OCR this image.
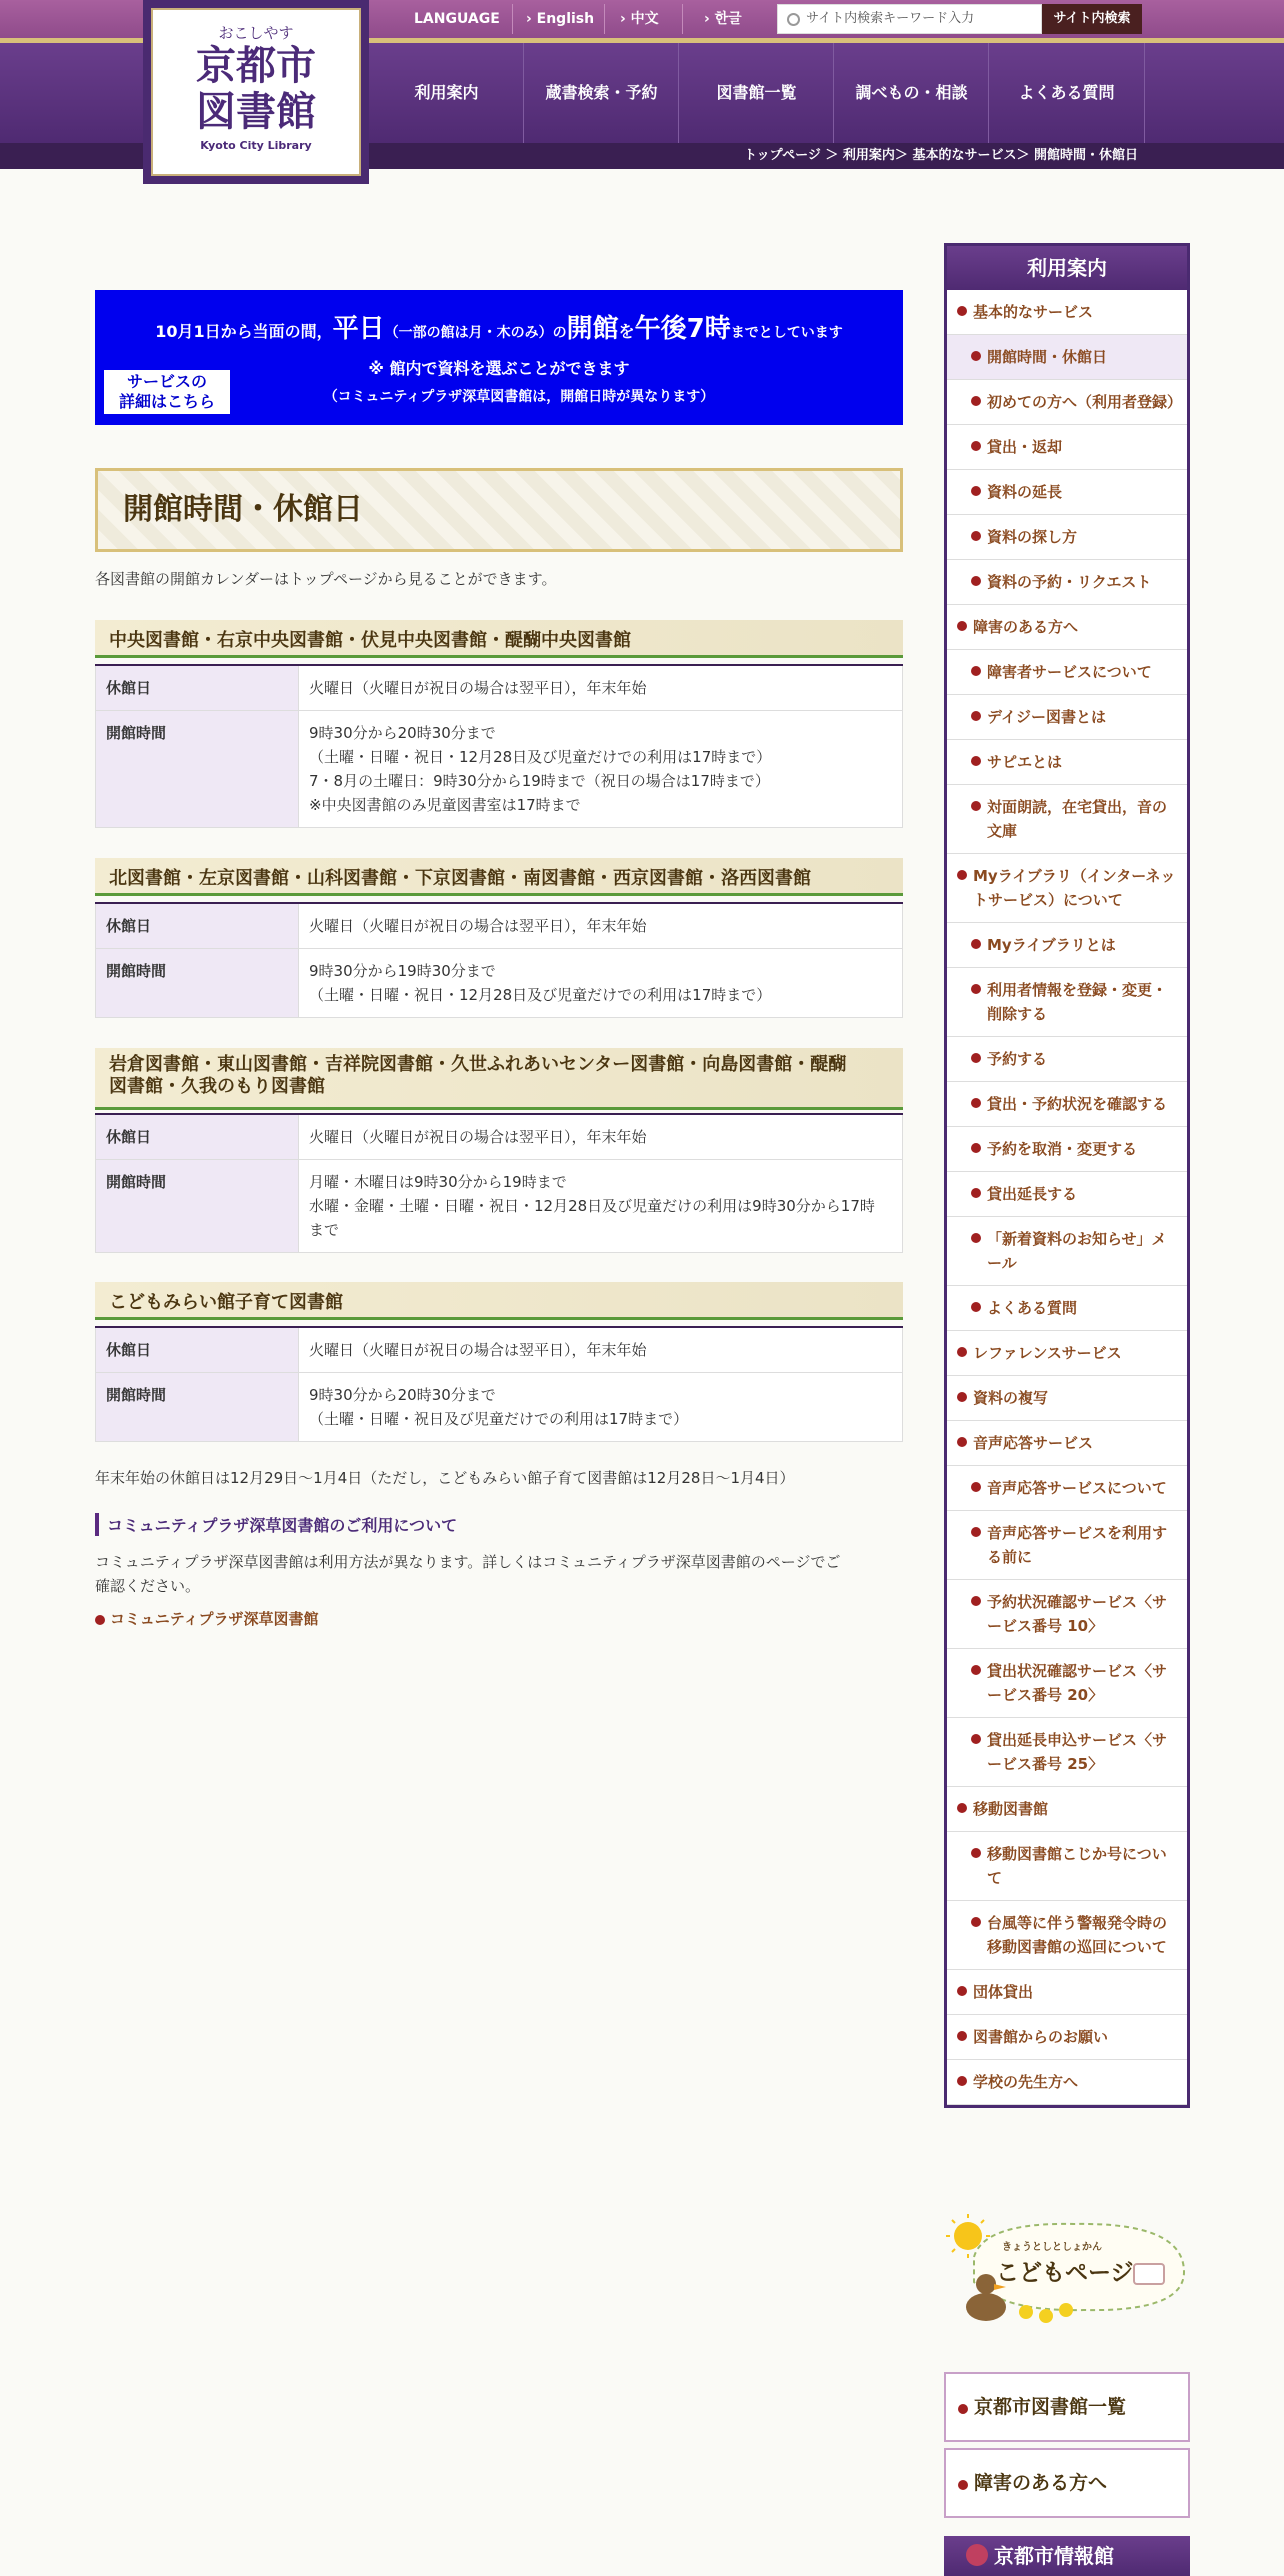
おこしやす
京都市
図書館
Kyoto City Library
LANGUAGE › English › 中文	› 한글	サイト内検索キーワード入力	サイト内検索
利用案内	蔵書検索・予約	図書館一覧	調べもの・相談	よくある質問
トップページ ＞ 利用案内＞ 基本的なサービス＞ 開館時間・休館日
10月1日から当面の間，平日（一部の館は月・木のみ）の開館を午後7時までとしています
※ 館内で資料を選ぶことができます
（コミュニティプラザ深草図書館は，開館日時が異なります）
サービスの
詳細はこちら
開館時間・休館日
各図書館の開館カレンダーはトップページから見ることができます。
中央図書館・右京中央図書館・伏見中央図書館・醍醐中央図書館
休館日	火曜日（火曜日が祝日の場合は翌平日），年末年始
開館時間	9時30分から20時30分まで
（土曜・日曜・祝日・12月28日及び児童だけでの利用は17時まで）
7・8月の土曜日：9時30分から19時まで（祝日の場合は17時まで）
※中央図書館のみ児童図書室は17時まで
北図書館・左京図書館・山科図書館・下京図書館・南図書館・西京図書館・洛西図書館
休館日	火曜日（火曜日が祝日の場合は翌平日），年末年始
開館時間	9時30分から19時30分まで
（土曜・日曜・祝日・12月28日及び児童だけでの利用は17時まで）
岩倉図書館・東山図書館・吉祥院図書館・久世ふれあいセンター図書館・向島図書館・醍醐
図書館・久我のもり図書館
休館日	火曜日（火曜日が祝日の場合は翌平日），年末年始
開館時間	月曜・木曜日は9時30分から19時まで
水曜・金曜・土曜・日曜・祝日・12月28日及び児童だけの利用は9時30分から17時
まで
こどもみらい館子育て図書館
休館日	火曜日（火曜日が祝日の場合は翌平日），年末年始
開館時間	9時30分から20時30分まで
（土曜・日曜・祝日及び児童だけでの利用は17時まで）
年末年始の休館日は12月29日～1月4日（ただし，こどもみらい館子育て図書館は12月28日～1月4日）
コミュニティプラザ深草図書館のご利用について
コミュニティプラザ深草図書館は利用方法が異なります。詳しくはコミュニティプラザ深草図書館のページでご
確認ください。
コミュニティプラザ深草図書館
利用案内
基本的なサービス
開館時間・休館日
初めての方へ（利用者登録）
貸出・返却
資料の延長
資料の探し方
資料の予約・リクエスト
障害のある方へ
障害者サービスについて
デイジー図書とは
サピエとは
対面朗読，在宅貸出，音の文庫
Myライブラリ（インターネットサービス）について
Myライブラリとは
利用者情報を登録・変更・削除する
予約する
貸出・予約状況を確認する
予約を取消・変更する
貸出延長する
「新着資料のお知らせ」メール
よくある質問
レファレンスサービス
資料の複写
音声応答サービス
音声応答サービスについて
音声応答サービスを利用する前に
予約状況確認サービス〈サービス番号 10〉
貸出状況確認サービス〈サービス番号 20〉
貸出延長申込サービス〈サービス番号 25〉
移動図書館
移動図書館こじか号について
台風等に伴う警報発令時の移動図書館の巡回について
団体貸出
図書館からのお願い
学校の先生方へ
きょうとしとしょかん
こどもページ
京都市図書館一覧
障害のある方へ
京都市情報館
